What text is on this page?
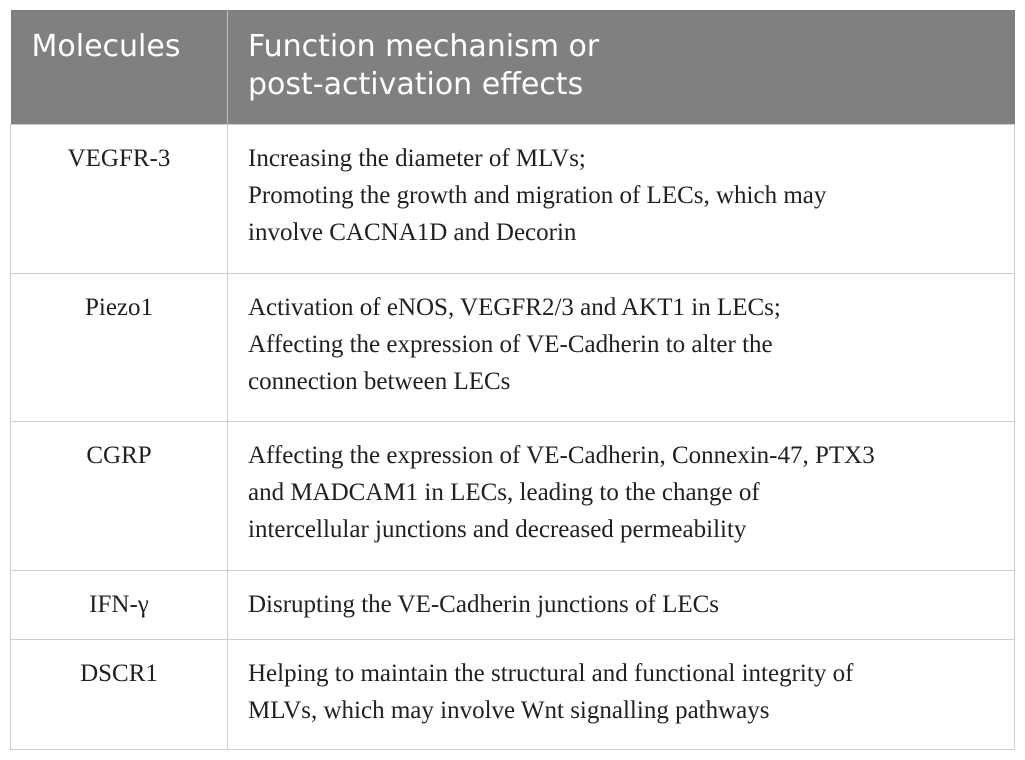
Molecules	Function mechanism or
post-activation effects

VEGFR-3	Increasing the diameter of MLVs;
Promoting the growth and migration of LECs, which may
involve CACNA1D and Decorin

Piezo1	Activation of eNOS, VEGFR2/3 and AKT1 in LECs;
Affecting the expression of VE-Cadherin to alter the
connection between LECs

CGRP	Affecting the expression of VE-Cadherin, Connexin-47, PTX3
and MADCAM1 in LECs, leading to the change of
intercellular junctions and decreased permeability

IFN-γ	Disrupting the VE-Cadherin junctions of LECs

DSCR1	Helping to maintain the structural and functional integrity of
MLVs, which may involve Wnt signalling pathways
